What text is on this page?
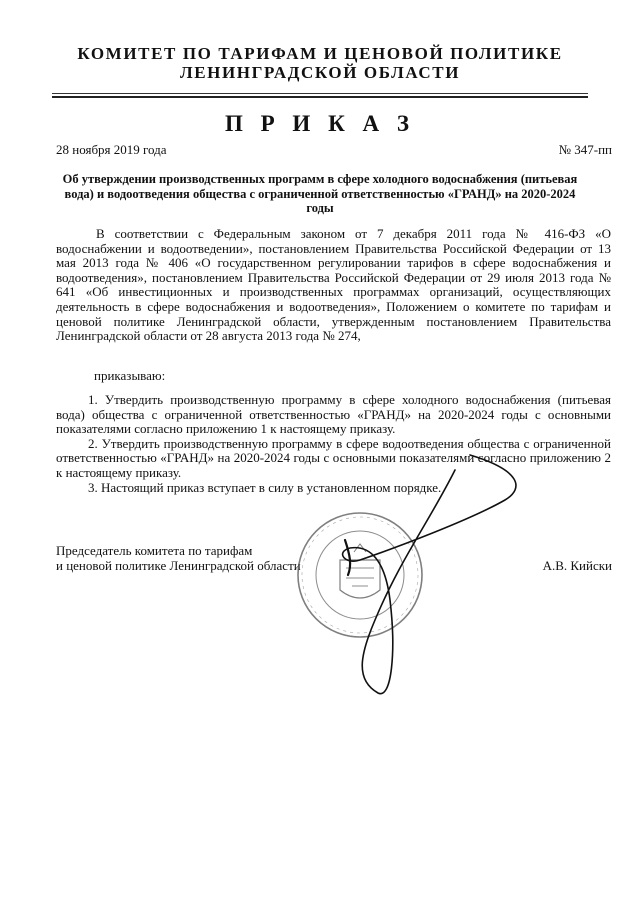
КОМИТЕТ ПО ТАРИФАМ И ЦЕНОВОЙ ПОЛИТИКЕ
ЛЕНИНГРАДСКОЙ ОБЛАСТИ
П Р И К А З
28 ноября 2019 года	№ 347-пп
Об утверждении производственных программ в сфере холодного водоснабжения (питьевая вода) и водоотведения общества с ограниченной ответственностью «ГРАНД» на 2020-2024 годы
В соответствии с Федеральным законом от 7 декабря 2011 года № 416-ФЗ «О водоснабжении и водоотведении», постановлением Правительства Российской Федерации от 13 мая 2013 года № 406 «О государственном регулировании тарифов в сфере водоснабжения и водоотведения», постановлением Правительства Российской Федерации от 29 июля 2013 года № 641 «Об инвестиционных и производственных программах организаций, осуществляющих деятельность в сфере водоснабжения и водоотведения», Положением о комитете по тарифам и ценовой политике Ленинградской области, утвержденным постановлением Правительства Ленинградской области от 28 августа 2013 года № 274,
приказываю:

1. Утвердить производственную программу в сфере холодного водоснабжения (питьевая вода) общества с ограниченной ответственностью «ГРАНД» на 2020-2024 годы с основными показателями согласно приложению 1 к настоящему приказу.

2. Утвердить производственную программу в сфере водоотведения общества с ограниченной ответственностью «ГРАНД» на 2020-2024 годы с основными показателями согласно приложению 2 к настоящему приказу.

3. Настоящий приказ вступает в силу в установленном порядке.

Председатель комитета по тарифам
и ценовой политике Ленинградской области	А.В. Кийски
